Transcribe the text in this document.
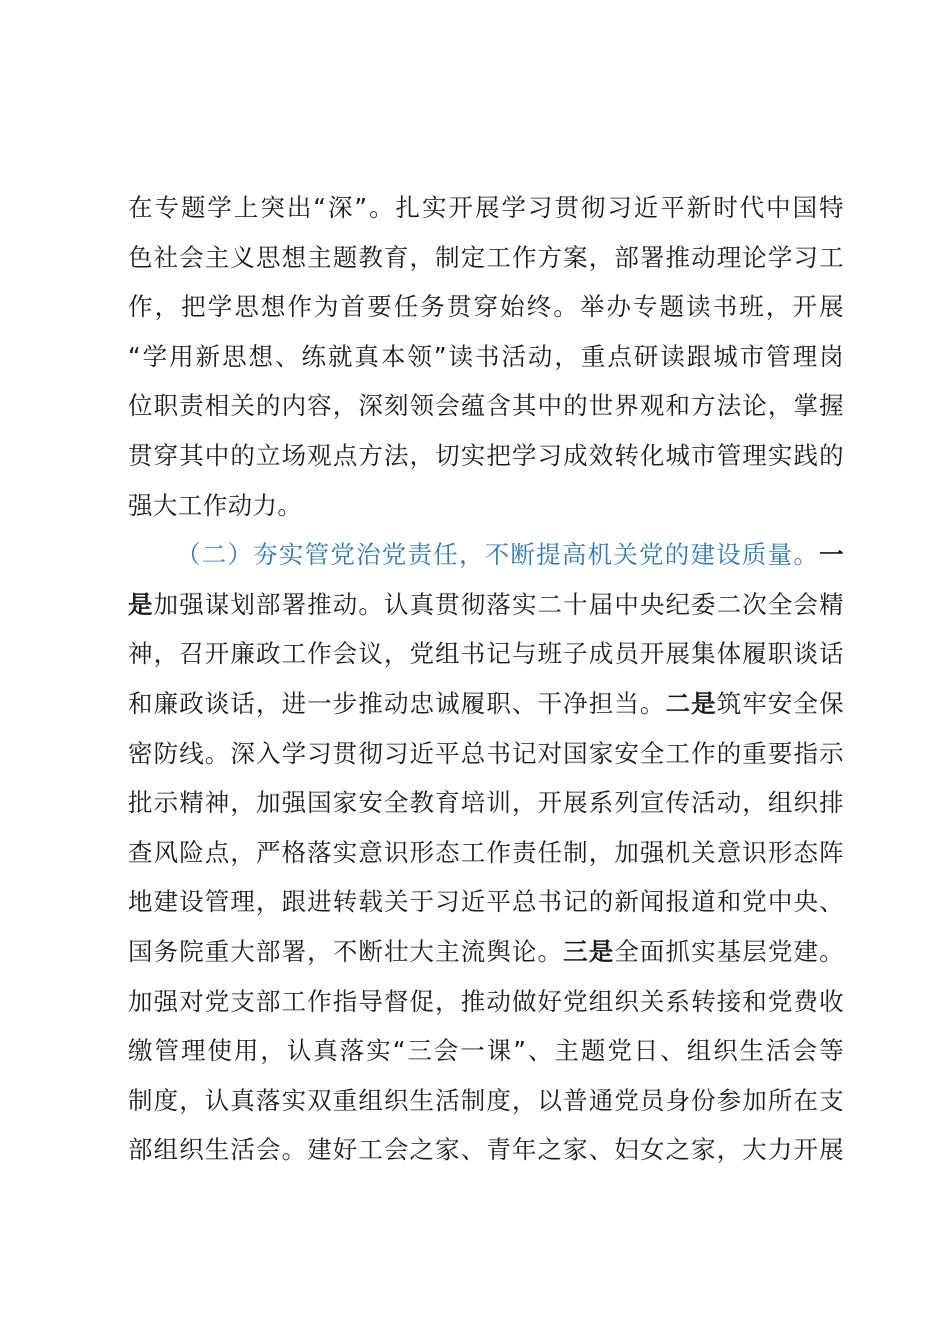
在专题学上突出“深”。扎实开展学习贯彻习近平新时代中国特
色社会主义思想主题教育，制定工作方案，部署推动理论学习工
作，把学思想作为首要任务贯穿始终。举办专题读书班，开展
“学用新思想、练就真本领”读书活动，重点研读跟城市管理岗
位职责相关的内容，深刻领会蕴含其中的世界观和方法论，掌握
贯穿其中的立场观点方法，切实把学习成效转化城市管理实践的
强大工作动力。
（二）夯实管党治党责任，不断提高机关党的建设质量。一
是加强谋划部署推动。认真贯彻落实二十届中央纪委二次全会精
神，召开廉政工作会议，党组书记与班子成员开展集体履职谈话
和廉政谈话，进一步推动忠诚履职、干净担当。二是筑牢安全保
密防线。深入学习贯彻习近平总书记对国家安全工作的重要指示
批示精神，加强国家安全教育培训，开展系列宣传活动，组织排
查风险点，严格落实意识形态工作责任制，加强机关意识形态阵
地建设管理，跟进转载关于习近平总书记的新闻报道和党中央、
国务院重大部署，不断壮大主流舆论。三是全面抓实基层党建。
加强对党支部工作指导督促，推动做好党组织关系转接和党费收
缴管理使用，认真落实“三会一课”、主题党日、组织生活会等
制度，认真落实双重组织生活制度，以普通党员身份参加所在支
部组织生活会。建好工会之家、青年之家、妇女之家，大力开展
